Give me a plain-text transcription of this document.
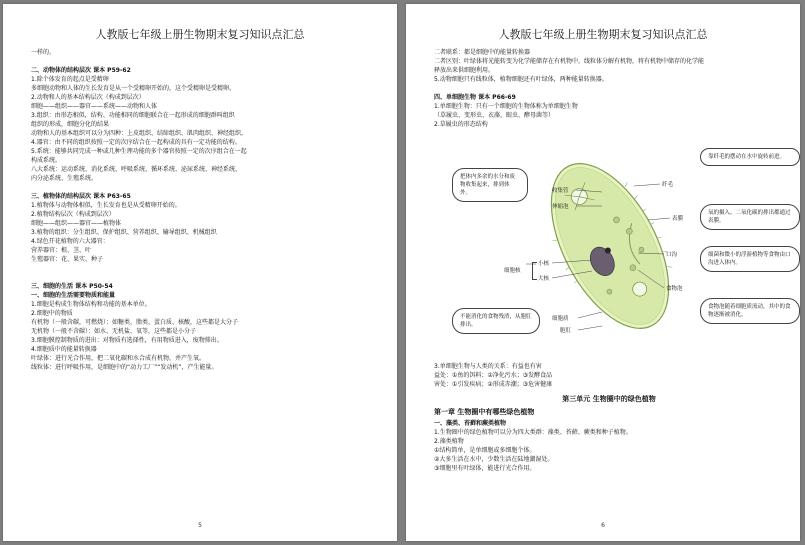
人教版七年级上册生物期末复习知识点汇总
一样的。
二、动物体的结构层次 课本 P59-62
1.除个体发育的起点是受精卵
多细胞动物和人体的生长发育是从一个受精卵开始的，这个受精卵是受精卵。
2.动物和人的基本结构层次（构成到层次）
细胞——组织——器官——系统——动物和人体
3.组织：由形态相似，结构、功能相同的细胞联合在一起形成的细胞群叫组织
组织的形成，细胞分化的结果
动物和人的基本组织可以分为四种：上皮组织、结缔组织、肌肉组织、神经组织。
4.器官：由不同的组织按照一定的次序结合在一起构成的具有一定功能的结构。
5.系统：能够共同完成一种或几种生理功能的多个器官按照一定的次序组合在一起
构成系统。
八大系统：运动系统、消化系统、呼吸系统、循环系统、泌尿系统、神经系统、
内分泌系统、生殖系统。
三、植物体的结构层次 课本 P63-65
1.植物体与动物体相似，生长发育也是从受精卵开始的。
2.植物结构层次（构成到层次）
细胞——组织——器官——植物体
3.植物的组织：分生组织、保护组织、营养组织、输导组织、机械组织
4.绿色开花植物的六大器官：
营养器官：根、茎、叶
生殖器官：花、果实、种子
三、细胞的生活 课本 P50-54
一、细胞的生活需要物质和能量
1.细胞是构成生物体结构和功能的基本单位。
2.细胞中的物质
有机物（一般含碳，可燃烧）：如糖类、脂类、蛋白质、核酸，这些都是大分子
无机物（一般不含碳）：如水、无机盐、氧等，这些都是小分子
3.细胞膜控制物质的进出：对物质有选择性，有用物质进入，废物排出。
4.细胞质中的能量转换器
叶绿体：进行光合作用，把二氧化碳和水合成有机物，并产生氧。
线粒体：进行呼吸作用，是细胞中的“动力工厂”“发动机”，产生能量。
5
人教版七年级上册生物期末复习知识点汇总
二者联系：都是细胞中的能量转换器
二者区别：叶绿体将光能转变为化学能储存在有机物中，线粒体分解有机物，将有机物中储存的化学能
释放出来供细胞利用。
5.动物细胞只有线粒体，植物细胞还有叶绿体，两种能量转换器。
四、单细胞生物 课本 P66-69
1.单细胞生物：只有一个细胞的生物体称为单细胞生物
（草履虫、变形虫、衣藻、眼虫、酵母菌等）
2.草履虫的形态结构
把体内多余的水分和废物收集起来，排到体外。
靠纤毛的摆动在水中旋转前进。
氧的摄入、二氧化碳的排出都通过表膜。
细菌和微小的浮游植物等食物由口沟进入体内。
食物泡随着细胞质流动，其中的食物逐渐被消化。
不能消化的食物残渣，从胞肛排出。
收集管
伸缩泡
纤毛
表膜
口沟
食物泡
小核
大核
细胞核
细胞质
胞肛
3.单细胞生物与人类的关系：有益也有害
益处：①鱼的饵料；②净化污水；③发酵食品
害处：①引发疾病；②形成赤潮；③危害健康
第三单元 生物圈中的绿色植物
第一章 生物圈中有哪些绿色植物
一、藻类、苔藓和蕨类植物
1.生物圈中的绿色植物可以分为四大类群：藻类、苔藓、蕨类和种子植物。
2.藻类植物
①结构简单，是单细胞或多细胞个体。
②大多生活在水中，少数生活在陆地潮湿处。
③细胞里有叶绿体，能进行光合作用。
6
